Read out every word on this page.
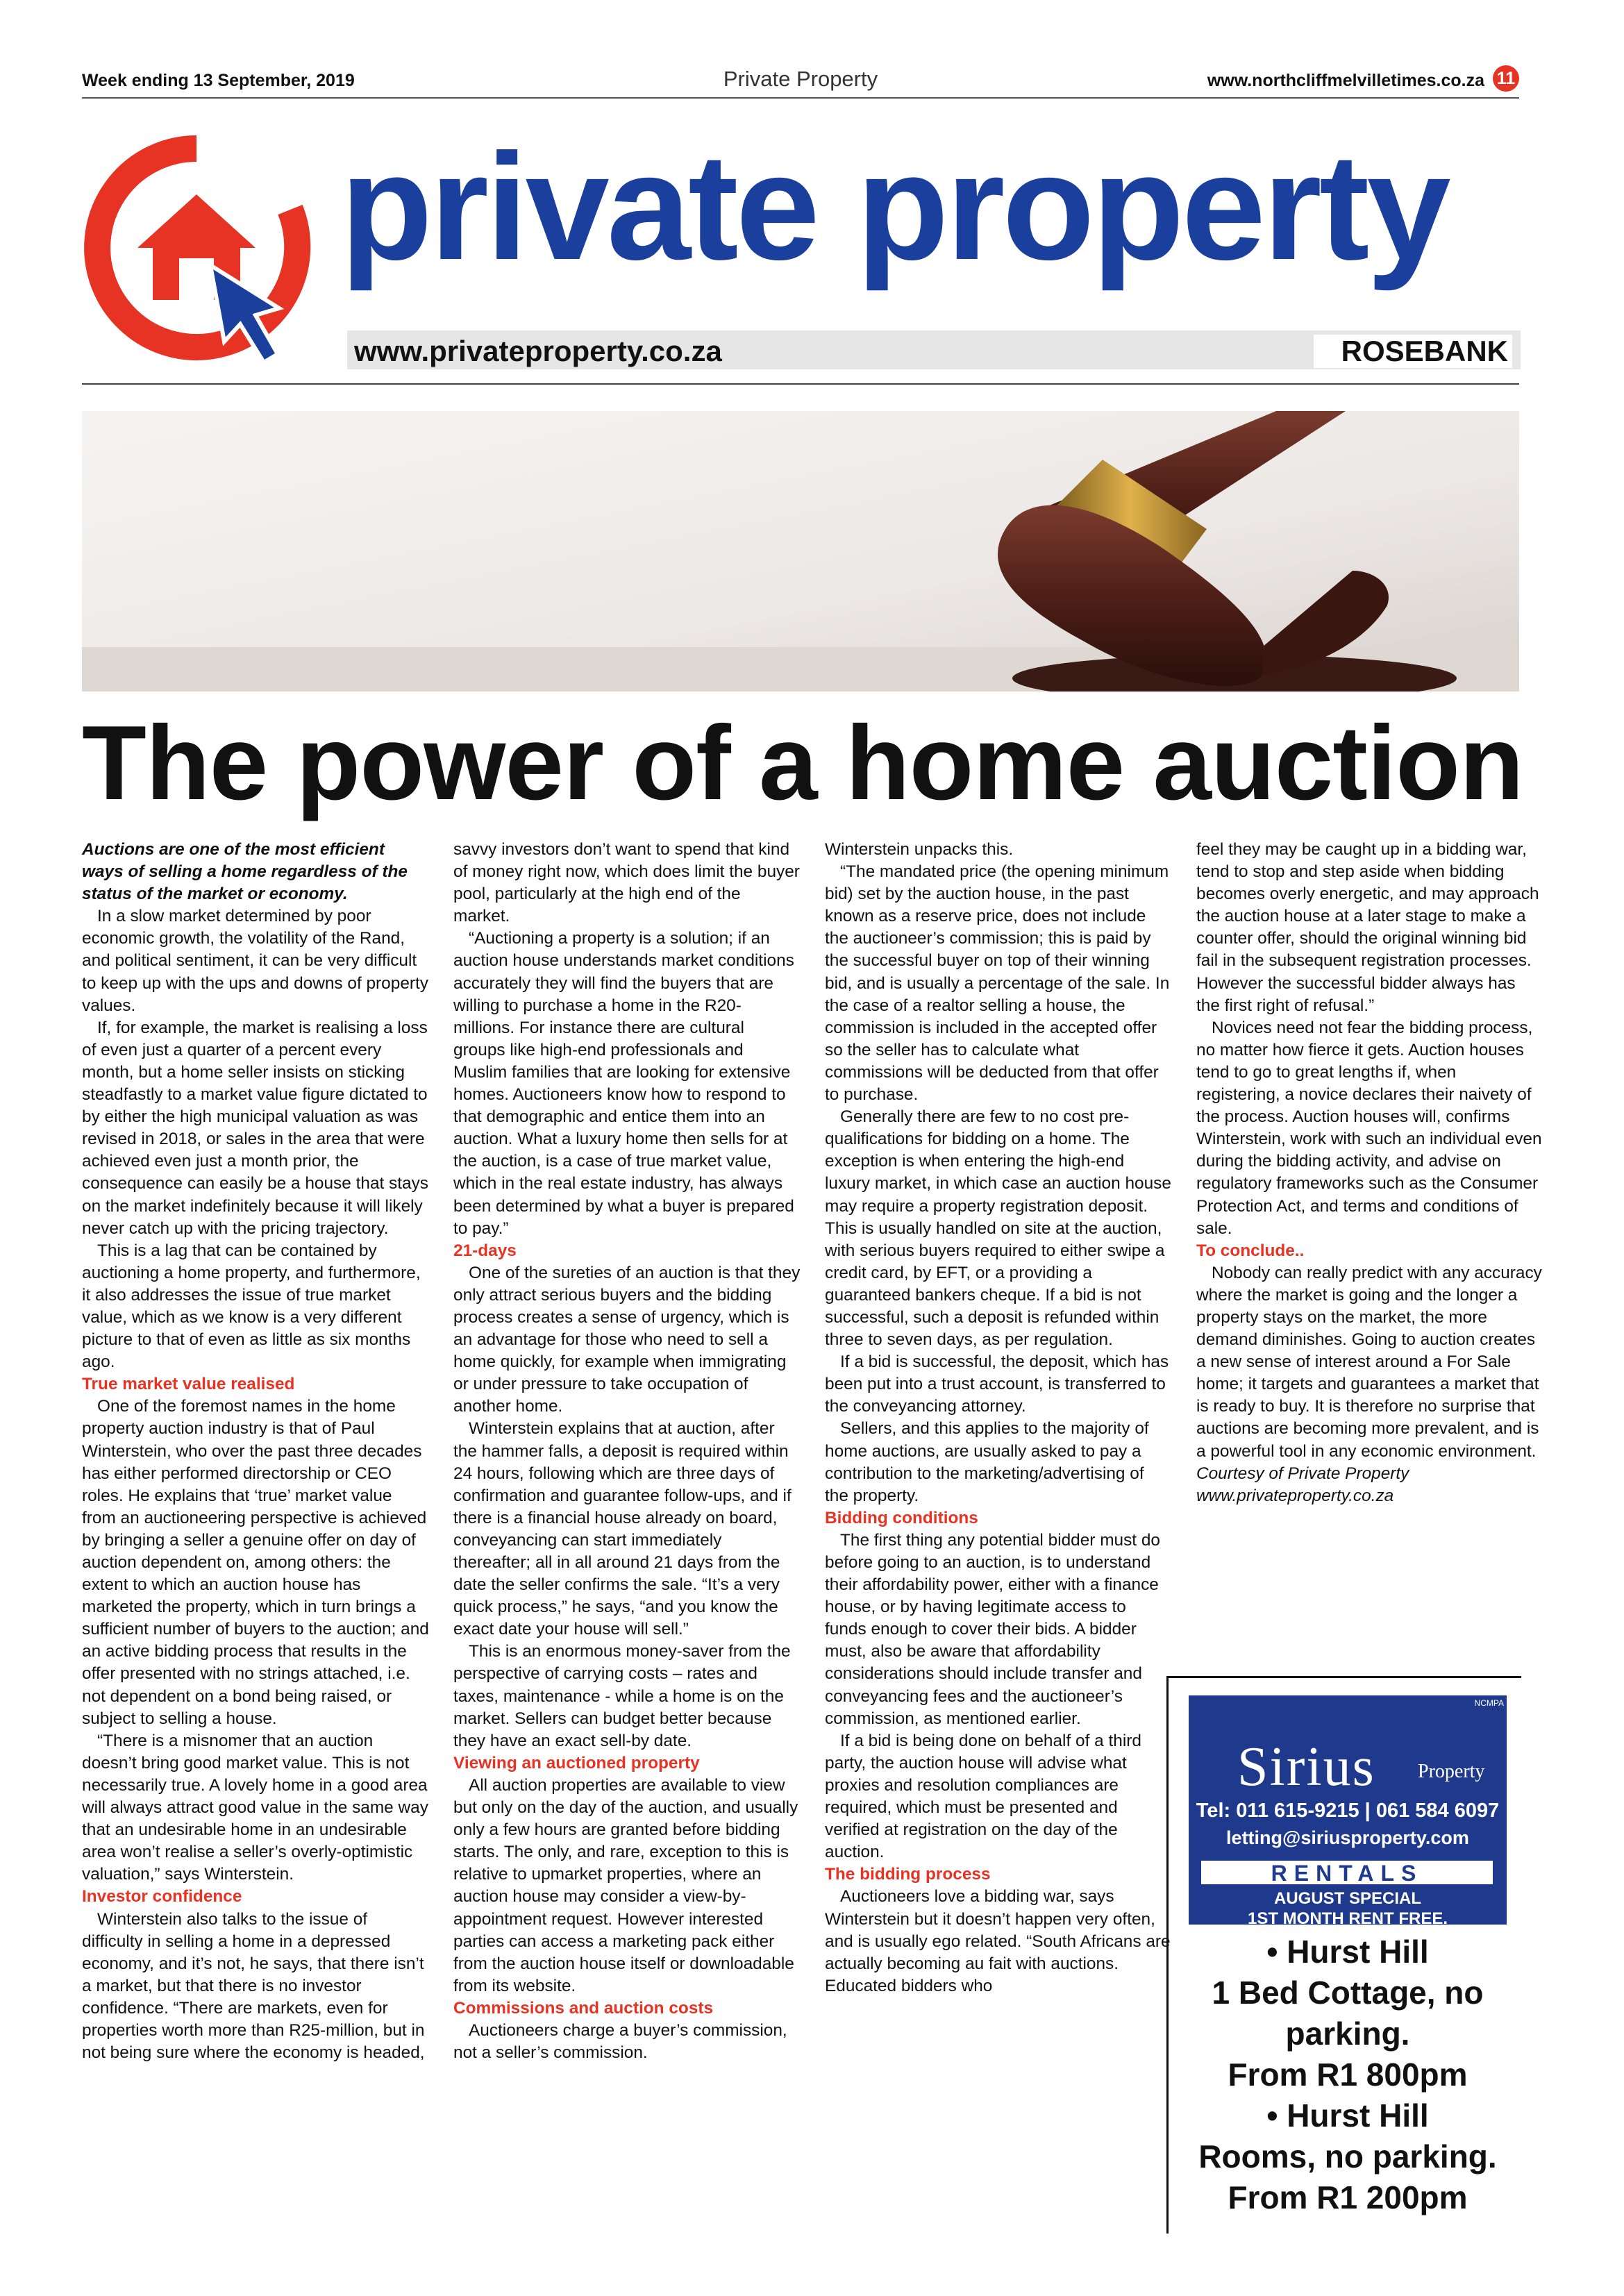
Week ending 13 September, 2019	Private Property	www.northcliffmelvilletimes.co.za 11
private property
www.privateproperty.co.za	ROSEBANK
The power of a home auction

Auctions are one of the most efficient ways of selling a home regardless of the status of the market or economy.

In a slow market determined by poor economic growth, the volatility of the Rand, and political sentiment, it can be very difficult to keep up with the ups and downs of property values.

If, for example, the market is realising a loss of even just a quarter of a percent every month, but a home seller insists on sticking steadfastly to a market value figure dictated to by either the high municipal valuation as was revised in 2018, or sales in the area that were achieved even just a month prior, the consequence can easily be a house that stays on the market indefinitely because it will likely never catch up with the pricing trajectory.

This is a lag that can be contained by auctioning a home property, and furthermore, it also addresses the issue of true market value, which as we know is a very different picture to that of even as little as six months ago.

True market value realised

One of the foremost names in the home property auction industry is that of Paul Winterstein, who over the past three decades has either performed directorship or CEO roles. He explains that ‘true’ market value from an auctioneering perspective is achieved by bringing a seller a genuine offer on day of auction dependent on, among others: the extent to which an auction house has marketed the property, which in turn brings a sufficient number of buyers to the auction; and an active bidding process that results in the offer presented with no strings attached, i.e. not dependent on a bond being raised, or subject to selling a house.

“There is a misnomer that an auction doesn’t bring good market value. This is not necessarily true. A lovely home in a good area will always attract good value in the same way that an undesirable home in an undesirable area won’t realise a seller’s overly-optimistic valuation,” says Winterstein.

Investor confidence

Winterstein also talks to the issue of difficulty in selling a home in a depressed economy, and it’s not, he says, that there isn’t a market, but that there is no investor confidence. “There are markets, even for properties worth more than R25-million, but in not being sure where the economy is headed,

savvy investors don’t want to spend that kind of money right now, which does limit the buyer pool, particularly at the high end of the market.

“Auctioning a property is a solution; if an auction house understands market conditions accurately they will find the buyers that are willing to purchase a home in the R20-millions. For instance there are cultural groups like high-end professionals and Muslim families that are looking for extensive homes. Auctioneers know how to respond to that demographic and entice them into an auction. What a luxury home then sells for at the auction, is a case of true market value, which in the real estate industry, has always been determined by what a buyer is prepared to pay.”

21-days

One of the sureties of an auction is that they only attract serious buyers and the bidding process creates a sense of urgency, which is an advantage for those who need to sell a home quickly, for example when immigrating or under pressure to take occupation of another home.

Winterstein explains that at auction, after the hammer falls, a deposit is required within 24 hours, following which are three days of confirmation and guarantee follow-ups, and if there is a financial house already on board, conveyancing can start immediately thereafter; all in all around 21 days from the date the seller confirms the sale. “It’s a very quick process,” he says, “and you know the exact date your house will sell.”

This is an enormous money-saver from the perspective of carrying costs – rates and taxes, maintenance - while a home is on the market. Sellers can budget better because they have an exact sell-by date.

Viewing an auctioned property

All auction properties are available to view but only on the day of the auction, and usually only a few hours are granted before bidding starts. The only, and rare, exception to this is relative to upmarket properties, where an auction house may consider a view-by-appointment request. However interested parties can access a marketing pack either from the auction house itself or downloadable from its website.

Commissions and auction costs

Auctioneers charge a buyer’s commission, not a seller’s commission.

Winterstein unpacks this.

“The mandated price (the opening minimum bid) set by the auction house, in the past known as a reserve price, does not include the auctioneer’s commission; this is paid by the successful buyer on top of their winning bid, and is usually a percentage of the sale. In the case of a realtor selling a house, the commission is included in the accepted offer so the seller has to calculate what commissions will be deducted from that offer to purchase.

Generally there are few to no cost pre-qualifications for bidding on a home. The exception is when entering the high-end luxury market, in which case an auction house may require a property registration deposit. This is usually handled on site at the auction, with serious buyers required to either swipe a credit card, by EFT, or a providing a guaranteed bankers cheque. If a bid is not successful, such a deposit is refunded within three to seven days, as per regulation.

If a bid is successful, the deposit, which has been put into a trust account, is transferred to the conveyancing attorney.

Sellers, and this applies to the majority of home auctions, are usually asked to pay a contribution to the marketing/advertising of the property.

Bidding conditions

The first thing any potential bidder must do before going to an auction, is to understand their affordability power, either with a finance house, or by having legitimate access to funds enough to cover their bids. A bidder must, also be aware that affordability considerations should include transfer and conveyancing fees and the auctioneer’s commission, as mentioned earlier.

If a bid is being done on behalf of a third party, the auction house will advise what proxies and resolution compliances are required, which must be presented and verified at registration on the day of the auction.

The bidding process

Auctioneers love a bidding war, says Winterstein but it doesn’t happen very often, and is usually ego related. “South Africans are actually becoming au fait with auctions. Educated bidders who

feel they may be caught up in a bidding war, tend to stop and step aside when bidding becomes overly energetic, and may approach the auction house at a later stage to make a counter offer, should the original winning bid fail in the subsequent registration processes. However the successful bidder always has the first right of refusal.”

Novices need not fear the bidding process, no matter how fierce it gets. Auction houses tend to go to great lengths if, when registering, a novice declares their naivety of the process. Auction houses will, confirms Winterstein, work with such an individual even during the bidding activity, and advise on regulatory frameworks such as the Consumer Protection Act, and terms and conditions of sale.

To conclude..

Nobody can really predict with any accuracy where the market is going and the longer a property stays on the market, the more demand diminishes. Going to auction creates a new sense of interest around a For Sale home; it targets and guarantees a market that is ready to buy. It is therefore no surprise that auctions are becoming more prevalent, and is a powerful tool in any economic environment.

Courtesy of Private Property

www.privateproperty.co.za

NCMPA
Sirius Property
Tel: 011 615-9215 | 061 584 6097
letting@siriusproperty.com
RENTALS
AUGUST SPECIAL
1ST MONTH RENT FREE.
• Hurst Hill
1 Bed Cottage, no
parking.
From R1 800pm
• Hurst Hill
Rooms, no parking.
From R1 200pm
